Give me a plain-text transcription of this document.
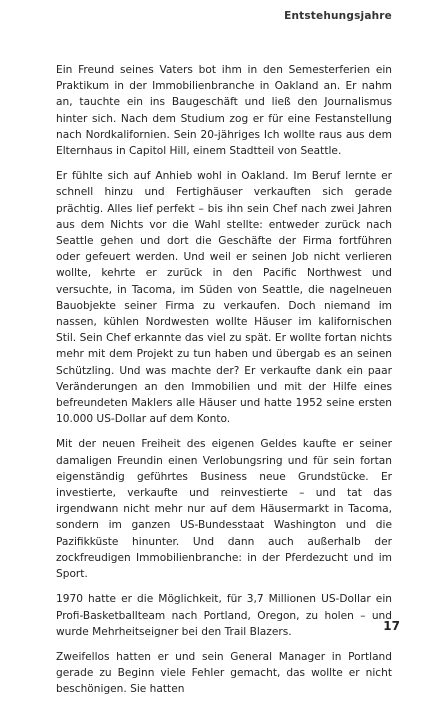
Entstehungsjahre

Ein Freund seines Vaters bot ihm in den Semesterferien ein Praktikum in der Immobilienbranche in Oakland an. Er nahm an, tauchte ein ins Baugeschäft und ließ den Journalismus hinter sich. Nach dem Studium zog er für eine Festanstellung nach Nordkalifornien. Sein 20-jähriges Ich wollte raus aus dem Elternhaus in Capitol Hill, einem Stadtteil von Seattle.

Er fühlte sich auf Anhieb wohl in Oakland. Im Beruf lernte er schnell hinzu und Fertighäuser verkauften sich gerade prächtig. Alles lief perfekt – bis ihn sein Chef nach zwei Jahren aus dem Nichts vor die Wahl stellte: entweder zurück nach Seattle gehen und dort die Geschäfte der Firma fortführen oder gefeuert werden. Und weil er seinen Job nicht verlieren wollte, kehrte er zurück in den Pacific Northwest und versuchte, in Tacoma, im Süden von Seattle, die nagelneuen Bauobjekte seiner Firma zu verkaufen. Doch niemand im nassen, kühlen Nordwesten wollte Häuser im kalifornischen Stil. Sein Chef erkannte das viel zu spät. Er wollte fortan nichts mehr mit dem Projekt zu tun haben und übergab es an seinen Schützling. Und was machte der? Er verkaufte dank ein paar Veränderungen an den Immobilien und mit der Hilfe eines befreundeten Maklers alle Häuser und hatte 1952 seine ersten 10.000 US-Dollar auf dem Konto.

Mit der neuen Freiheit des eigenen Geldes kaufte er seiner damaligen Freundin einen Verlobungsring und für sein fortan eigenständig geführtes Business neue Grundstücke. Er investierte, verkaufte und reinvestierte – und tat das irgendwann nicht mehr nur auf dem Häusermarkt in Tacoma, sondern im ganzen US-Bundesstaat Washington und die Pazifikküste hinunter. Und dann auch außerhalb der zockfreudigen Immobilienbranche: in der Pferdezucht und im Sport.

1970 hatte er die Möglichkeit, für 3,7 Millionen US-Dollar ein Profi-Basketballteam nach Portland, Oregon, zu holen – und wurde Mehrheitseigner bei den Trail Blazers.

Zweifellos hatten er und sein General Manager in Portland gerade zu Beginn viele Fehler gemacht, das wollte er nicht beschönigen. Sie hatten

17
